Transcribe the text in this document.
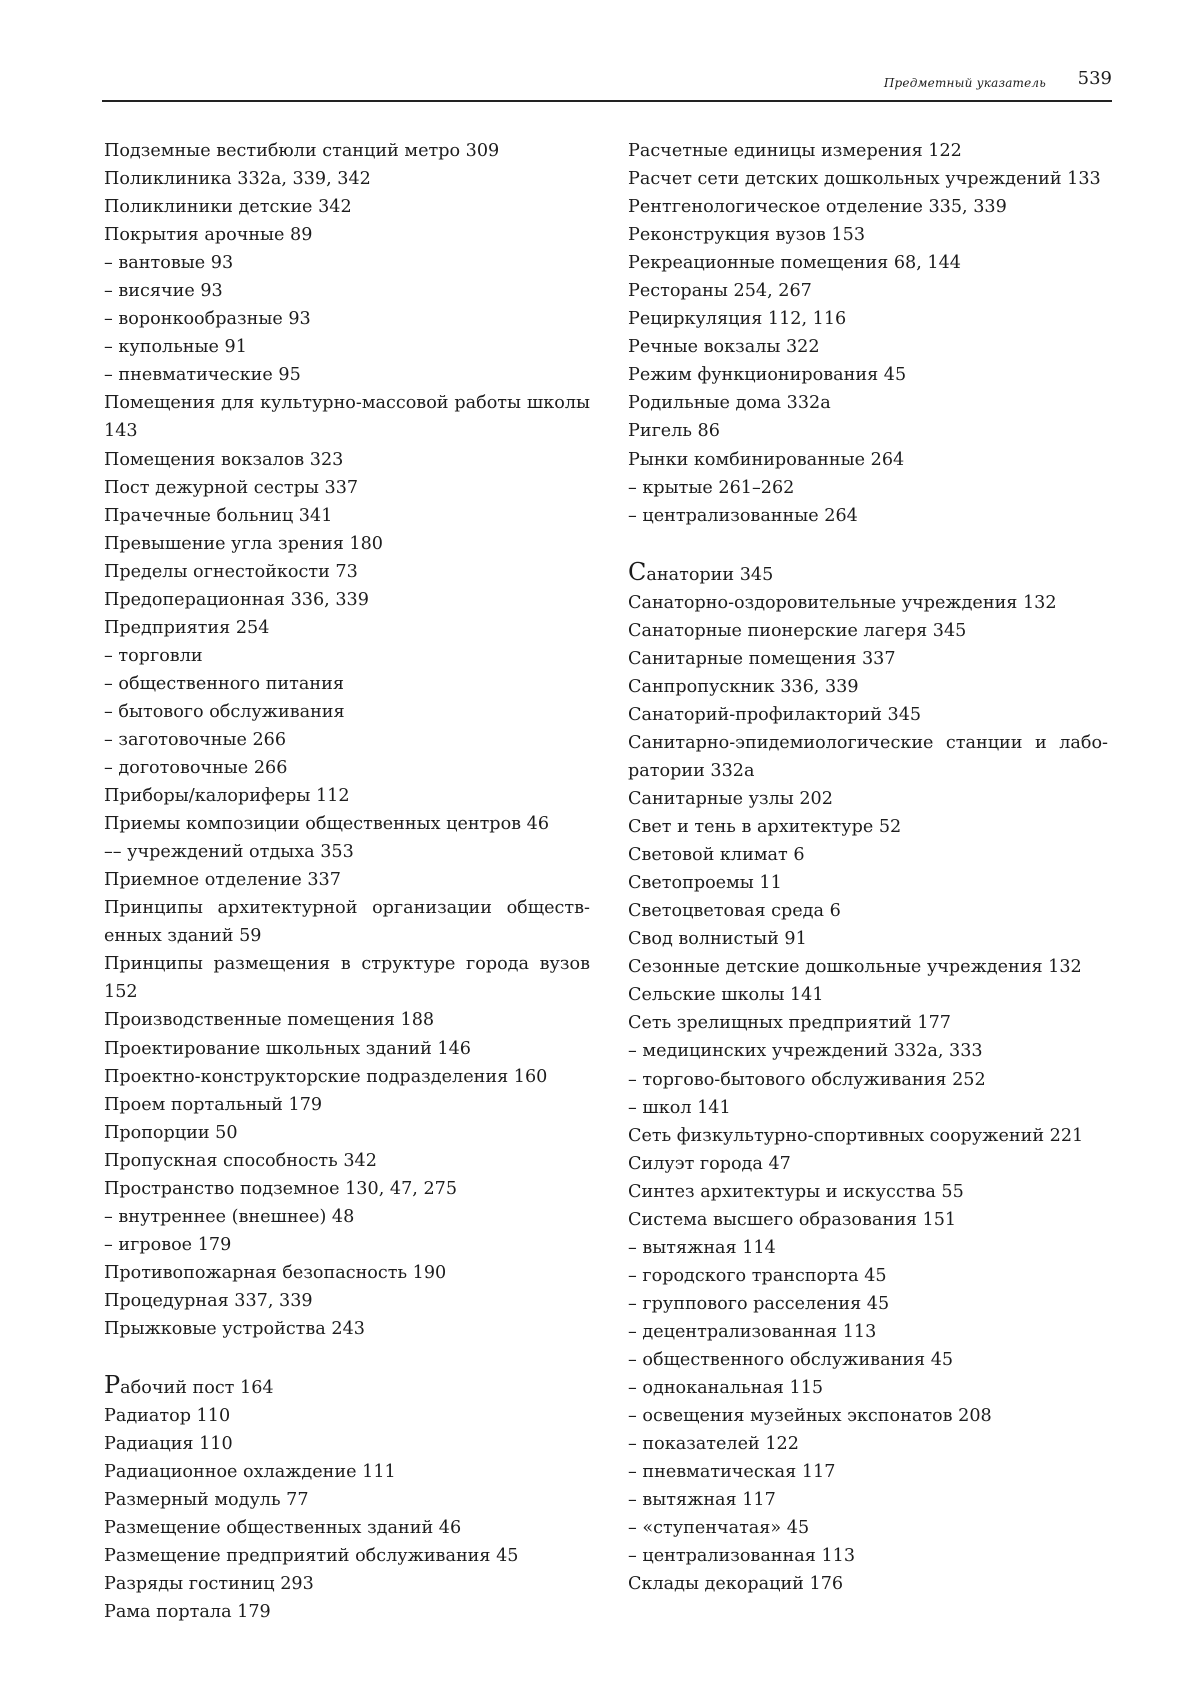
Предметный указатель 539
Подземные вестибюли станций метро 309
Поликлиника 332а, 339, 342
Поликлиники детские 342
Покрытия арочные 89
– вантовые 93
– висячие 93
– воронкообразные 93
– купольные 91
– пневматические 95
Помещения для культурно-массовой работы школы 143
Помещения вокзалов 323
Пост дежурной сестры 337
Прачечные больниц 341
Превышение угла зрения 180
Пределы огнестойкости 73
Предоперационная 336, 339
Предприятия 254
– торговли
– общественного питания
– бытового обслуживания
– заготовочные 266
– доготовочные 266
Приборы/калориферы 112
Приемы композиции общественных центров 46
–– учреждений отдыха 353
Приемное отделение 337
Принципы архитектурной организации общественных зданий 59
Принципы размещения в структуре города вузов 152
Производственные помещения 188
Проектирование школьных зданий 146
Проектно-конструкторские подразделения 160
Проем портальный 179
Пропорции 50
Пропускная способность 342
Пространство подземное 130, 47, 275
– внутреннее (внешнее) 48
– игровое 179
Противопожарная безопасность 190
Процедурная 337, 339
Прыжковые устройства 243
Рабочий пост 164
Радиатор 110
Радиация 110
Радиационное охлаждение 111
Размерный модуль 77
Размещение общественных зданий 46
Размещение предприятий обслуживания 45
Разряды гостиниц 293
Рама портала 179
Расчетные единицы измерения 122
Расчет сети детских дошкольных учреждений 133
Рентгенологическое отделение 335, 339
Реконструкция вузов 153
Рекреационные помещения 68, 144
Рестораны 254, 267
Рециркуляция 112, 116
Речные вокзалы 322
Режим функционирования 45
Родильные дома 332а
Ригель 86
Рынки комбинированные 264
– крытые 261–262
– централизованные 264
Санатории 345
Санаторно-оздоровительные учреждения 132
Санаторные пионерские лагеря 345
Санитарные помещения 337
Санпропускник 336, 339
Санаторий-профилакторий 345
Санитарно-эпидемиологические станции и лаборатории 332а
Санитарные узлы 202
Свет и тень в архитектуре 52
Световой климат 6
Светопроемы 11
Светоцветовая среда 6
Свод волнистый 91
Сезонные детские дошкольные учреждения 132
Сельские школы 141
Сеть зрелищных предприятий 177
– медицинских учреждений 332а, 333
– торгово-бытового обслуживания 252
– школ 141
Сеть физкультурно-спортивных сооружений 221
Силуэт города 47
Синтез архитектуры и искусства 55
Система высшего образования 151
– вытяжная 114
– городского транспорта 45
– группового расселения 45
– децентрализованная 113
– общественного обслуживания 45
– одноканальная 115
– освещения музейных экспонатов 208
– показателей 122
– пневматическая 117
– вытяжная 117
– «ступенчатая» 45
– централизованная 113
Склады декораций 176
